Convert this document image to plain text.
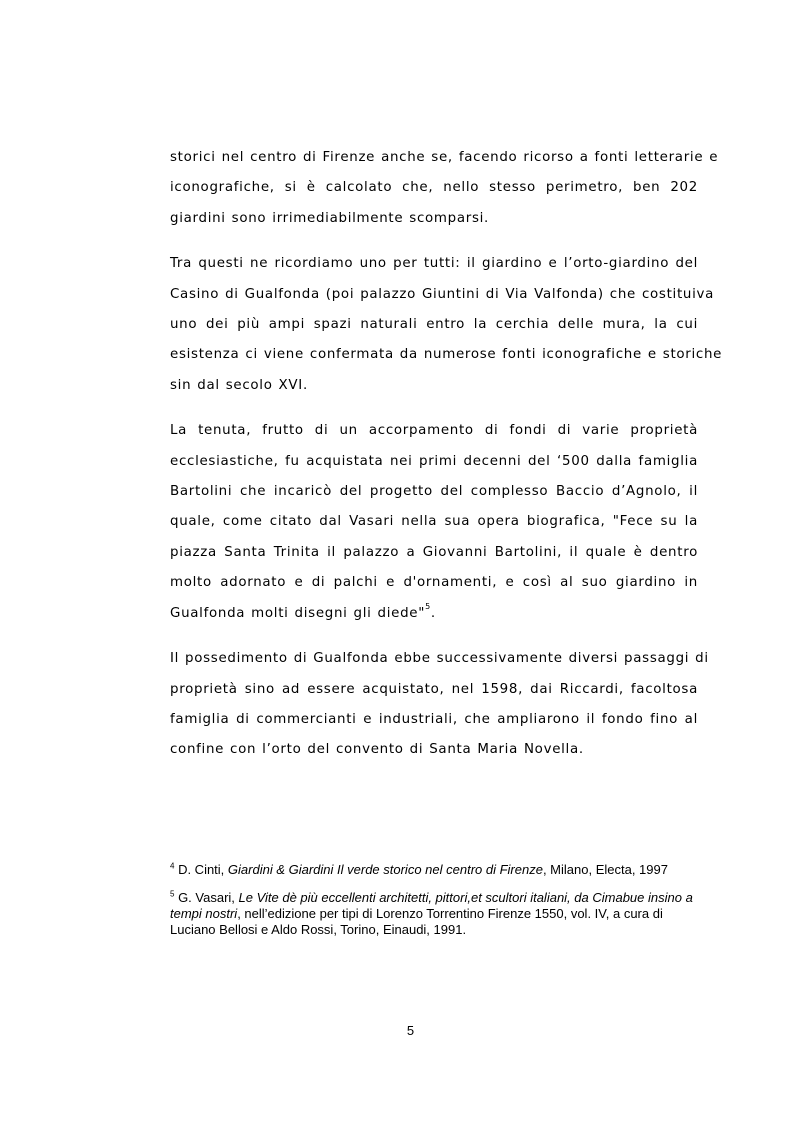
storici nel centro di Firenze anche se, facendo ricorso a fonti letterarie e
iconografiche, si è calcolato che, nello stesso perimetro, ben 202
giardini sono irrimediabilmente scomparsi.

Tra questi ne ricordiamo uno per tutti: il giardino e l’orto-giardino del
Casino di Gualfonda (poi palazzo Giuntini di Via Valfonda) che costituiva
uno dei più ampi spazi naturali entro la cerchia delle mura, la cui
esistenza ci viene confermata da numerose fonti iconografiche e storiche
sin dal secolo XVI.

La tenuta, frutto di un accorpamento di fondi di varie proprietà
ecclesiastiche, fu acquistata nei primi decenni del ‘500 dalla famiglia
Bartolini che incaricò del progetto del complesso Baccio d’Agnolo, il
quale, come citato dal Vasari nella sua opera biografica, "Fece su la
piazza Santa Trinita il palazzo a Giovanni Bartolini, il quale è dentro
molto adornato e di palchi e d'ornamenti, e così al suo giardino in
Gualfonda molti disegni gli diede"$^5$.

Il possedimento di Gualfonda ebbe successivamente diversi passaggi di
proprietà sino ad essere acquistato, nel 1598, dai Riccardi, facoltosa
famiglia di commercianti e industriali, che ampliarono il fondo fino al
confine con l’orto del convento di Santa Maria Novella.

$^4$ D. Cinti, Giardini & Giardini Il verde storico nel centro di Firenze, Milano, Electa, 1997

$^5$ G. Vasari, Le Vite dè più eccellenti architetti, pittori,et scultori italiani, da Cimabue insino a tempi nostri, nell’edizione per tipi di Lorenzo Torrentino Firenze 1550, vol. IV, a cura di Luciano Bellosi e Aldo Rossi, Torino, Einaudi, 1991.

5
